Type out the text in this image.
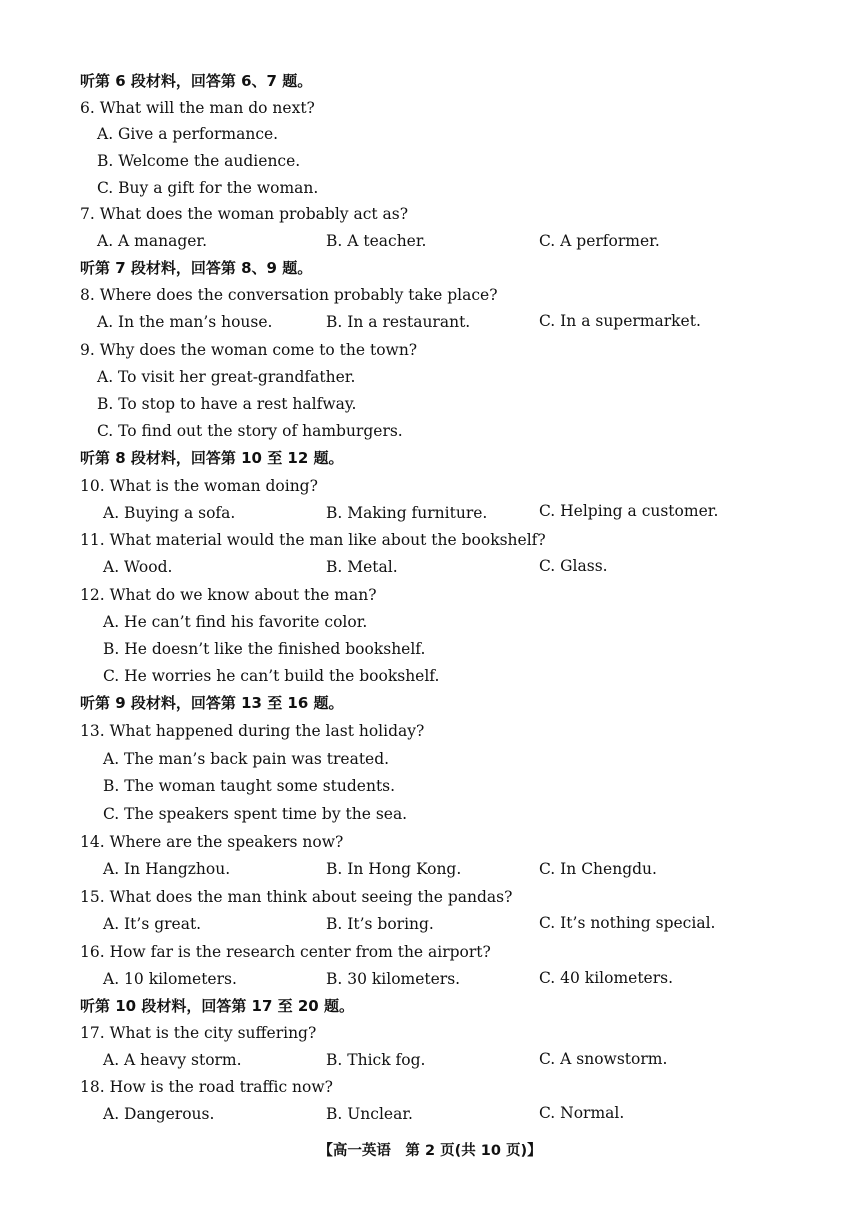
听第 6 段材料，回答第 6、7 题。
6. What will the man do next?
A. Give a performance.
B. Welcome the audience.
C. Buy a gift for the woman.
7. What does the woman probably act as?
A. A manager.	B. A teacher.	C. A performer.
听第 7 段材料，回答第 8、9 题。
8. Where does the conversation probably take place?
A. In the man’s house.	B. In a restaurant.	C. In a supermarket.
9. Why does the woman come to the town?
A. To visit her great-grandfather.
B. To stop to have a rest halfway.
C. To find out the story of hamburgers.
听第 8 段材料，回答第 10 至 12 题。
10. What is the woman doing?
A. Buying a sofa.	B. Making furniture.	C. Helping a customer.
11. What material would the man like about the bookshelf?
A. Wood.	B. Metal.	C. Glass.
12. What do we know about the man?
A. He can’t find his favorite color.
B. He doesn’t like the finished bookshelf.
C. He worries he can’t build the bookshelf.
听第 9 段材料，回答第 13 至 16 题。
13. What happened during the last holiday?
A. The man’s back pain was treated.
B. The woman taught some students.
C. The speakers spent time by the sea.
14. Where are the speakers now?
A. In Hangzhou.	B. In Hong Kong.	C. In Chengdu.
15. What does the man think about seeing the pandas?
A. It’s great.	B. It’s boring.	C. It’s nothing special.
16. How far is the research center from the airport?
A. 10 kilometers.	B. 30 kilometers.	C. 40 kilometers.
听第 10 段材料，回答第 17 至 20 题。
17. What is the city suffering?
A. A heavy storm.	B. Thick fog.	C. A snowstorm.
18. How is the road traffic now?
A. Dangerous.	B. Unclear.	C. Normal.
【高一英语　第 2 页(共 10 页)】
